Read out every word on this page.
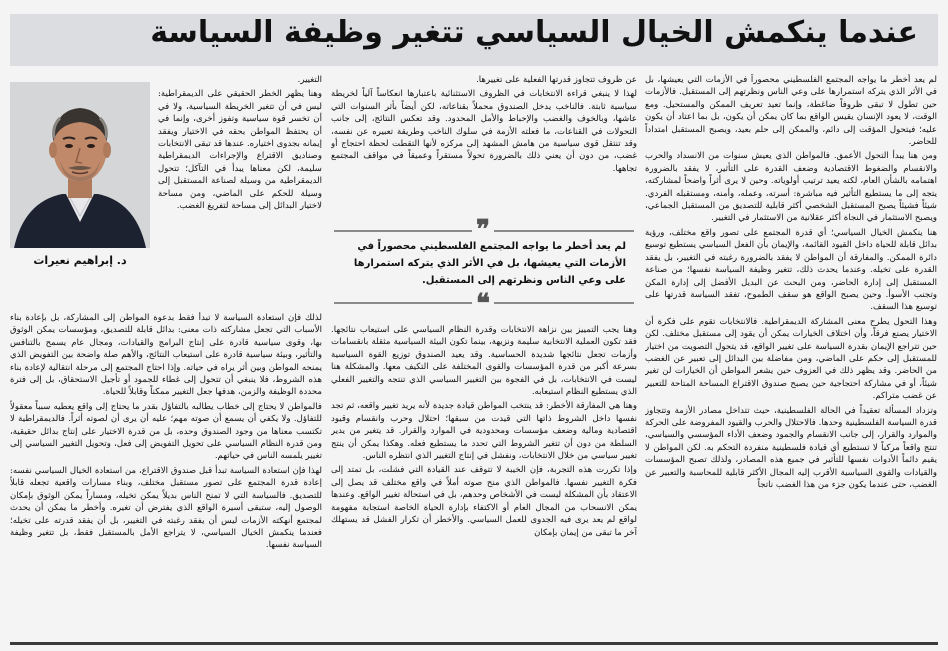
عندما ينكمش الخيال السياسي تتغير وظيفة السياسة

لم يعد أخطر ما يواجه المجتمع الفلسطيني محصوراً في الأزمات التي يعيشها، بل في الأثر الذي يتركه استمرارها على وعي الناس ونظرتهم إلى المستقبل. فالأزمات حين تطول لا تبقى ظروفاً ضاغطة، وإنما تعيد تعريف الممكن والمستحيل. ومع الوقت، لا يعود الإنسان يقيس الواقع بما كان يمكن أن يكون، بل بما اعتاد أن يكون عليه؛ فيتحول المؤقت إلى دائم، والممكن إلى حلم بعيد، ويصبح المستقبل امتداداً للحاضر.

ومن هنا يبدأ التحول الأعمق. فالمواطن الذي يعيش سنوات من الانسداد والحرب والانقسام والضغوط الاقتصادية وضعف القدرة على التأثير، لا يفقد بالضرورة اهتمامه بالشأن العام، لكنه يعيد ترتيب أولوياته. وحين لا يرى أثراً واضحاً لمشاركته، يتجه إلى ما يستطيع التأثير فيه مباشرة: أسرته، وعمله، وأمنه، ومستقبله الفردي. شيئاً فشيئاً يصبح المستقبل الشخصي أكثر قابلية للتصديق من المستقبل الجماعي، ويصبح الاستثمار في النجاة أكثر عقلانية من الاستثمار في التغيير.

هنا ينكمش الخيال السياسي؛ أي قدرة المجتمع على تصور واقع مختلف، ورؤية بدائل قابلة للحياة داخل القيود القائمة، والإيمان بأن الفعل السياسي يستطيع توسيع دائرة الممكن. والمفارقة أن المواطن لا يفقد بالضرورة رغبته في التغيير، بل يفقد القدرة على تخيله. وعندما يحدث ذلك، تتغير وظيفة السياسة نفسها؛ من صناعة المستقبل إلى إدارة الحاضر، ومن البحث عن البديل الأفضل إلى إدارة المكن وتجنب الأسوأ. وحين يصبح الواقع هو سقف الطموح، تفقد السياسة قدرتها على توسيع هذا السقف.

وهذا التحول يطرح معنى المشاركة الديمقراطية. فالانتخابات تقوم على فكرة أن الاختيار يصنع فرقاً، وأن اختلاف الخيارات يمكن أن يقود إلى مستقبل مختلف. لكن حين تتراجع الإيمان بقدرة السياسة على تغيير الواقع، قد يتحول التصويت من اختيار للمستقبل إلى حكم على الماضي، ومن مفاضلة بين البدائل إلى تعبير عن الغضب من الحاضر. وقد يظهر ذلك في العزوف حين يشعر المواطن أن الخيارات لن تغير شيئاً، أو في مشاركة احتجاجية حين يصبح صندوق الاقتراع المساحة المتاحة للتعبير عن غضب متراكم.

وتزداد المسألة تعقيداً في الحالة الفلسطينية، حيث تتداخل مصادر الأزمة وتتجاوز قدرة السياسة الفلسطينية وحدها. فالاحتلال والحرب والقيود المفروضة على الحركة والموارد والقرار، إلى جانب الانقسام والجمود وضعف الأداء المؤسسي والسياسي، تنتج واقعاً مركباً لا تستطيع أي قيادة فلسطينية منفردة التحكم به. لكن المواطن لا يقيم دائماً الأدوات نفسها للتأثير في جميع هذه المصادر، ولذلك تصبح المؤسسات والقيادات والقوى السياسية الأقرب إليه المجال الأكثر قابلية للمحاسبة والتعبير عن الغضب، حتى عندما يكون جزء من هذا الغضب ناتجاً

عن ظروف تتجاوز قدرتها الفعلية على تغييرها.

لهذا لا ينبغي قراءة الانتخابات في الظروف الاستثنائية باعتبارها انعكاساً آلياً لخريطة سياسية ثابتة. فالناخب يدخل الصندوق محملاً بقناعاته، لكن أيضاً بأثر السنوات التي عاشها، وبالخوف والغضب والإحباط والأمل المحدود. وقد تعكس النتائج، إلى جانب التحولات في القناعات، ما فعلته الأزمة في سلوك الناخب وطريقة تعبيره عن نفسه، وقد تنتقل قوى سياسية من هامش المشهد إلى مركزه لأنها التقطت لحظة احتجاج أو غضب، من دون أن يعني ذلك بالضرورة تحولاً مستقراً وعميقاً في مواقف المجتمع تجاهها.

❞
لم يعد أخطر ما يواجه المجتمع الفلسطيني محصوراً في الأزمات التي يعيشها، بل في الأثر الذي يتركه استمرارها على وعي الناس ونظرتهم إلى المستقبل.
❝

وهنا يجب التمييز بين نزاهة الانتخابات وقدرة النظام السياسي على استيعاب نتائجها. فقد تكون العملية الانتخابية سليمة ونزيهة، بينما تكون البيئة السياسية مثقلة بانقسامات وأزمات تجعل نتائجها شديدة الحساسية. وقد يعيد الصندوق توزيع القوة السياسية بسرعة أكبر من قدرة المؤسسات والقوى المختلفة على التكيف معها. والمشكلة هنا ليست في الانتخابات، بل في الفجوة بين التغيير السياسي الذي تنتجه والتغيير الفعلي الذي يستطيع النظام استيعابه.

وهنا هي المفارقة الأخطر: قد ينتخب المواطن قيادة جديدة لأنه يريد تغيير واقعه، ثم تجد نفسها داخل الشروط ذاتها التي قيدت من سبقها؛ احتلال وحرب وانقسام وقيود اقتصادية ومالية وضعف مؤسسات ومحدودية في الموارد والقرار. قد يتغير من يدير السلطة من دون أن تتغير الشروط التي تحدد ما يستطيع فعله. وهكذا يمكن أن ينتج تغيير سياسي من خلال الانتخابات، ونفشل في إنتاج التغيير الذي انتظره الناس.

وإذا تكررت هذه التجربة، فإن الخيبة لا تتوقف عند القيادة التي فشلت، بل تمتد إلى فكرة التغيير نفسها. فالمواطن الذي منح صوته أملاً في واقع مختلف قد يصل إلى الاعتقاد بأن المشكلة ليست في الأشخاص وحدهم، بل في استحالة تغيير الواقع. وعندها يمكن الانسحاب من المجال العام أو الاكتفاء بإدارة الحياة الخاصة استجابة مفهومة لواقع لم يعد يرى فيه الجدوى للعمل السياسي. والأخطر أن تكرار الفشل قد يستهلك آخر ما تبقى من إيمان بإمكان

التغيير.

وهنا يظهر الخطر الحقيقي على الديمقراطية: ليس في أن تتغير الخريطة السياسية، ولا في أن تخسر قوة سياسية وتفوز أخرى، وإنما في أن يحتفظ المواطن بحقه في الاختيار ويفقد إيمانه بجدوى اختياره. عندها قد تبقى الانتخابات وصناديق الاقتراع والإجراءات الديمقراطية سليمة، لكن معناها يبدأ في التآكل؛ تتحول الديمقراطية من وسيلة لصناعة المستقبل إلى وسيلة للحكم على الماضي، ومن مساحة لاختيار البدائل إلى مساحة لتفريغ الغضب.

د. إبراهيم نعيرات

لذلك فإن استعادة السياسة لا تبدأ فقط بدعوة المواطن إلى المشاركة، بل بإعادة بناء الأسباب التي تجعل مشاركته ذات معنى: بدائل قابلة للتصديق، ومؤسسات يمكن الوثوق بها، وقوى سياسية قادرة على إنتاج البرامج والقيادات، ومجال عام يسمح بالتنافس والتأثير، وبيئة سياسية قادرة على استيعاب النتائج، والأهم صلة واضحة بين التفويض الذي يمنحه المواطن وبين أثر يراه في حياته. وإذا احتاج المجتمع إلى مرحلة انتقالية لإعادة بناء هذه الشروط، فلا ينبغي أن تتحول إلى غطاء للجمود أو تأجيل الاستحقاق، بل إلى فترة محددة الوظيفة والزمن، هدفها جعل التغيير ممكناً وقابلاً للحياة.

فالمواطن لا يحتاج إلى خطاب يطالبه بالتفاؤل بقدر ما يحتاج إلى واقع يعطيه سبباً معقولاً للتفاؤل. ولا يكفي أن يسمع أن صوته مهم؛ عليه أن يرى أن لصوته أثراً. فالديمقراطية لا تكتسب معناها من وجود الصندوق وحده، بل من قدرة الاختيار على إنتاج بدائل حقيقية، ومن قدرة النظام السياسي على تحويل التفويض إلى فعل، وتحويل التغيير السياسي إلى تغيير يلمسه الناس في حياتهم.

لهذا فإن استعادة السياسة تبدأ قبل صندوق الاقتراع، من استعادة الخيال السياسي نفسه: إعادة قدرة المجتمع على تصور مستقبل مختلف، وبناء مسارات واقعية تجعله قابلاً للتصديق. فالسياسة التي لا تمنح الناس بديلاً يمكن تخيله، ومساراً يمكن الوثوق بإمكان الوصول إليه، ستبقى أسيرة الواقع الذي يفترض أن تغيره. وأخطر ما يمكن أن يحدث لمجتمع أنهكته الأزمات ليس أن يفقد رغبته في التغيير، بل أن يفقد قدرته على تخيله؛ فعندما ينكمش الخيال السياسي، لا يتراجع الأمل بالمستقبل فقط، بل تتغير وظيفة السياسة نفسها.
